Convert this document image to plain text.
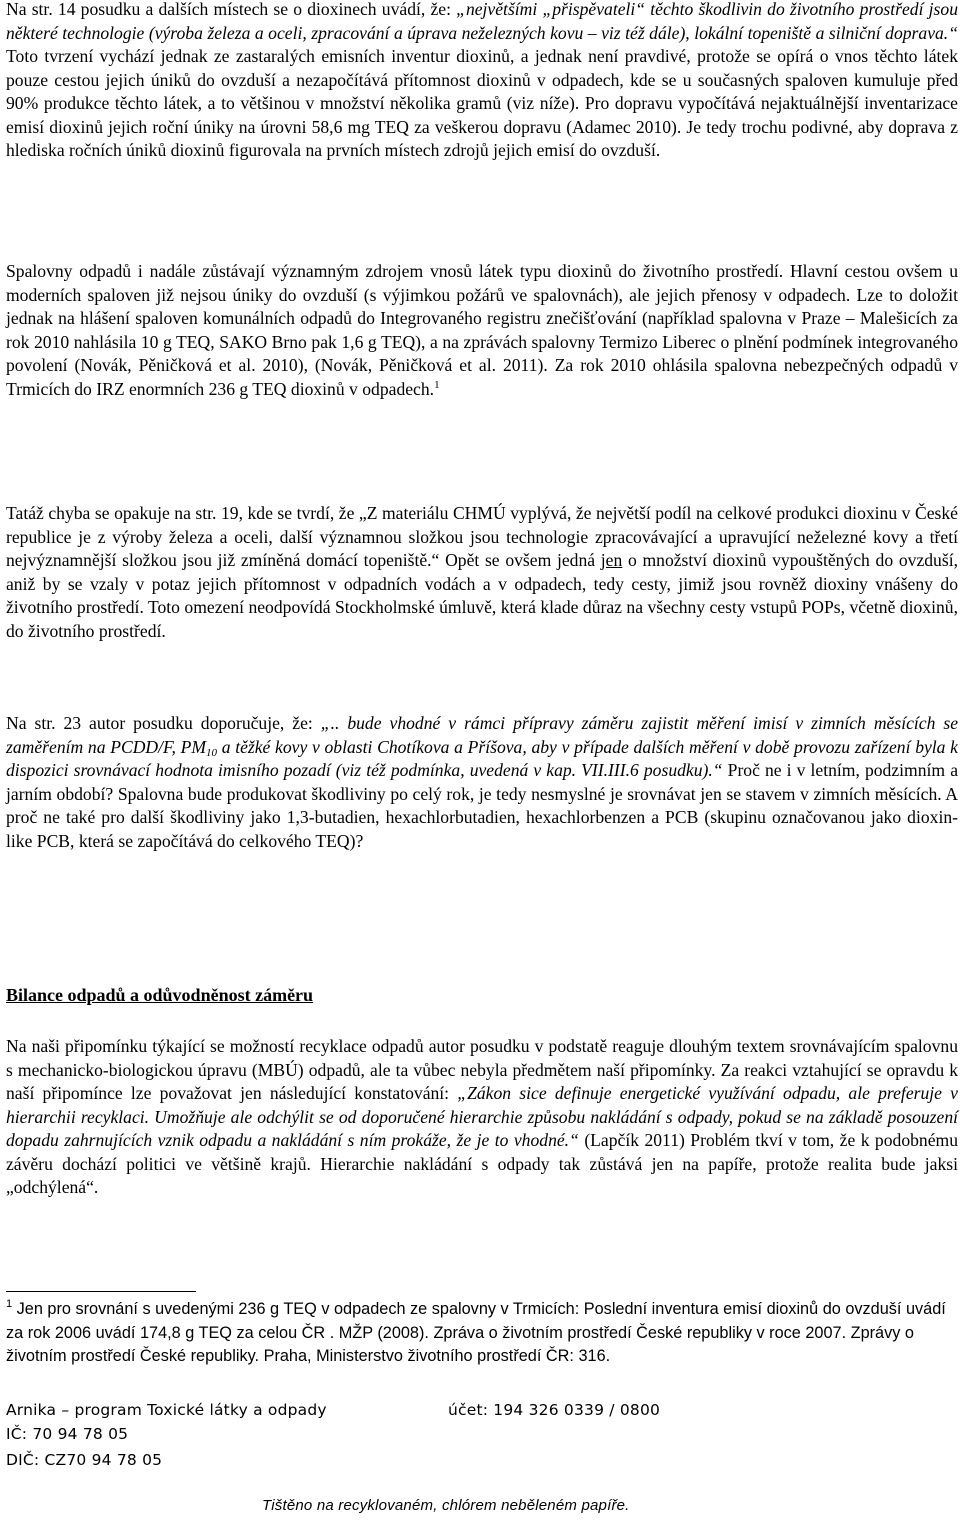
Na str. 14 posudku a dalších místech se o dioxinech uvádí, že: „největšími „přispěvateli“ těchto škodlivin do životního prostředí jsou některé technologie (výroba železa a oceli, zpracování a úprava neželezných kovu – viz též dále), lokální topeniště a silniční doprava.“ Toto tvrzení vychází jednak ze zastaralých emisních inventur dioxinů, a jednak není pravdivé, protože se opírá o vnos těchto látek pouze cestou jejich úniků do ovzduší a nezapočítává přítomnost dioxinů v odpadech, kde se u současných spaloven kumuluje před 90% produkce těchto látek, a to většinou v množství několika gramů (viz níže). Pro dopravu vypočítává nejaktuálnější inventarizace emisí dioxinů jejich roční úniky na úrovni 58,6 mg TEQ za veškerou dopravu (Adamec 2010). Je tedy trochu podivné, aby doprava z hlediska ročních úniků dioxinů figurovala na prvních místech zdrojů jejich emisí do ovzduší.

Spalovny odpadů i nadále zůstávají významným zdrojem vnosů látek typu dioxinů do životního prostředí. Hlavní cestou ovšem u moderních spaloven již nejsou úniky do ovzduší (s výjimkou požárů ve spalovnách), ale jejich přenosy v odpadech. Lze to doložit jednak na hlášení spaloven komunálních odpadů do Integrovaného registru znečišťování (například spalovna v Praze – Malešicích za rok 2010 nahlásila 10 g TEQ, SAKO Brno pak 1,6 g TEQ), a na zprávách spalovny Termizo Liberec o plnění podmínek integrovaného povolení (Novák, Pěničková et al. 2010), (Novák, Pěničková et al. 2011). Za rok 2010 ohlásila spalovna nebezpečných odpadů v Trmicích do IRZ enormních 236 g TEQ dioxinů v odpadech.$^1$

Tatáž chyba se opakuje na str. 19, kde se tvrdí, že „Z materiálu CHMÚ vyplývá, že největší podíl na celkové produkci dioxinu v České republice je z výroby železa a oceli, další významnou složkou jsou technologie zpracovávající a upravující neželezné kovy a třetí nejvýznamnější složkou jsou již zmíněná domácí topeniště.“ Opět se ovšem jedná jen o množství dioxinů vypouštěných do ovzduší, aniž by se vzaly v potaz jejich přítomnost v odpadních vodách a v odpadech, tedy cesty, jimiž jsou rovněž dioxiny vnášeny do životního prostředí. Toto omezení neodpovídá Stockholmské úmluvě, která klade důraz na všechny cesty vstupů POPs, včetně dioxinů, do životního prostředí.

Na str. 23 autor posudku doporučuje, že: „.. bude vhodné v rámci přípravy záměru zajistit měření imisí v zimních měsících se zaměřením na PCDD/F, $PM_{10}$ a těžké kovy v oblasti Chotíkova a Příšova, aby v případe dalších měření v době provozu zařízení byla k dispozici srovnávací hodnota imisního pozadí (viz též podmínka, uvedená v kap. VII.III.6 posudku).“ Proč ne i v letním, podzimním a jarním období? Spalovna bude produkovat škodliviny po celý rok, je tedy nesmyslné je srovnávat jen se stavem v zimních měsících. A proč ne také pro další škodliviny jako 1,3-butadien, hexachlorbutadien, hexachlorbenzen a PCB (skupinu označovanou jako dioxin-like PCB, která se započítává do celkového TEQ)?

Bilance odpadů a odůvodněnost záměru

Na naši připomínku týkající se možností recyklace odpadů autor posudku v podstatě reaguje dlouhým textem srovnávajícím spalovnu s mechanicko-biologickou úpravu (MBÚ) odpadů, ale ta vůbec nebyla předmětem naší připomínky. Za reakci vztahující se opravdu k naší připomínce lze považovat jen následující konstatování: „Zákon sice definuje energetické využívání odpadu, ale preferuje v hierarchii recyklaci. Umožňuje ale odchýlit se od doporučené hierarchie způsobu nakládání s odpady, pokud se na základě posouzení dopadu zahrnujících vznik odpadu a nakládání s ním prokáže, že je to vhodné.“ (Lapčík 2011) Problém tkví v tom, že k podobnému závěru dochází politici ve většině krajů. Hierarchie nakládání s odpady tak zůstává jen na papíře, protože realita bude jaksi „odchýlená“.

$^1$ Jen pro srovnání s uvedenými 236 g TEQ v odpadech ze spalovny v Trmicích: Poslední inventura emisí dioxinů do ovzduší uvádí za rok 2006 uvádí 174,8 g TEQ za celou ČR . MŽP (2008). Zpráva o životním prostředí České republiky v roce 2007. Zprávy o životním prostředí České republiky. Praha, Ministerstvo životního prostředí ČR: 316.

Arnika – program Toxické látky a odpady	účet: 194 326 0339 / 0800

IČ: 70 94 78 05

DIČ: CZ70 94 78 05

Tištěno na recyklovaném, chlórem neběleném papíře.
